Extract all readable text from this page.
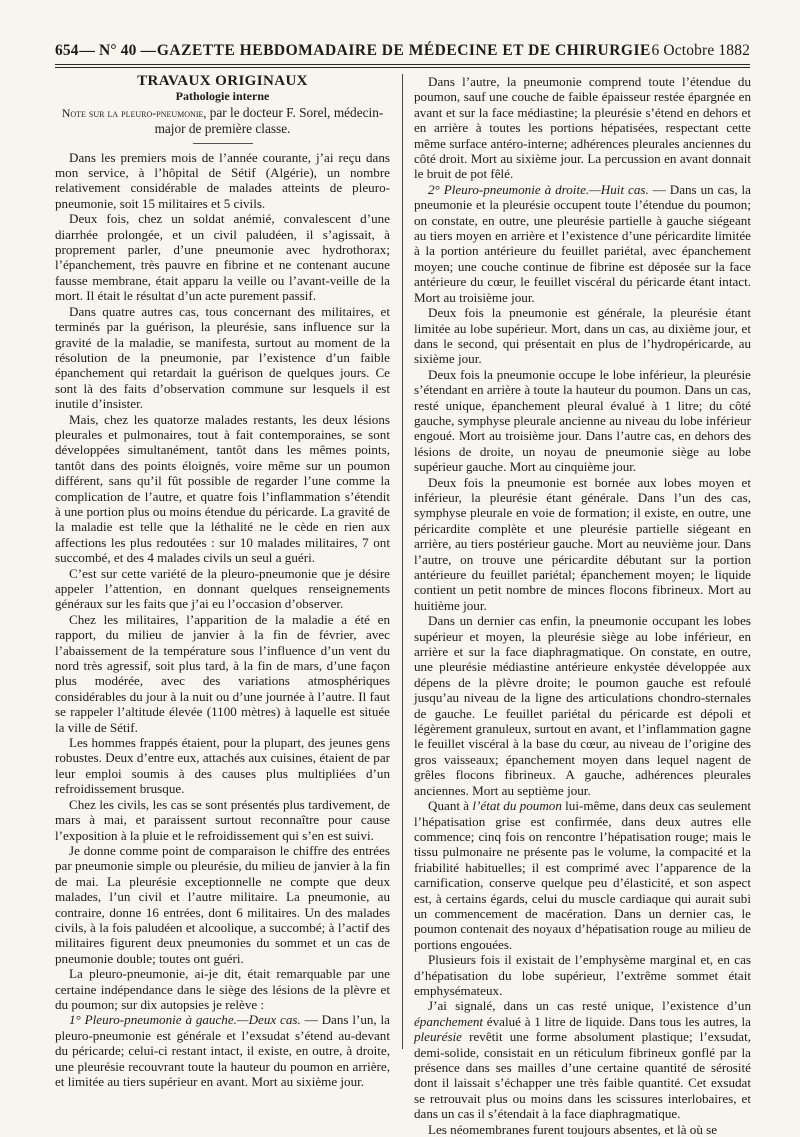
654 — N° 40 — GAZETTE HEBDOMADAIRE DE MÉDECINE ET DE CHIRURGIE 6 Octobre 1882

TRAVAUX ORIGINAUX

Pathologie interne

Note sur la pleuro-pneumonie, par le docteur F. Sorel, médecin-major de première classe.

Dans les premiers mois de l’année courante, j’ai reçu dans mon service, à l’hôpital de Sétif (Algérie), un nombre relativement considérable de malades atteints de pleuro-pneumonie, soit 15 militaires et 5 civils.

Deux fois, chez un soldat anémié, convalescent d’une diarrhée prolongée, et un civil paludéen, il s’agissait, à proprement parler, d’une pneumonie avec hydrothorax; l’épanchement, très pauvre en fibrine et ne contenant aucune fausse membrane, était apparu la veille ou l’avant-veille de la mort. Il était le résultat d’un acte purement passif.

Dans quatre autres cas, tous concernant des militaires, et terminés par la guérison, la pleurésie, sans influence sur la gravité de la maladie, se manifesta, surtout au moment de la résolution de la pneumonie, par l’existence d’un faible épanchement qui retardait la guérison de quelques jours. Ce sont là des faits d’observation commune sur lesquels il est inutile d’insister.

Mais, chez les quatorze malades restants, les deux lésions pleurales et pulmonaires, tout à fait contemporaines, se sont développées simultanément, tantôt dans les mêmes points, tantôt dans des points éloignés, voire même sur un poumon différent, sans qu’il fût possible de regarder l’une comme la complication de l’autre, et quatre fois l’inflammation s’étendit à une portion plus ou moins étendue du péricarde. La gravité de la maladie est telle que la léthalité ne le cède en rien aux affections les plus redoutées : sur 10 malades militaires, 7 ont succombé, et des 4 malades civils un seul a guéri.

C’est sur cette variété de la pleuro-pneumonie que je désire appeler l’attention, en donnant quelques renseignements généraux sur les faits que j’ai eu l’occasion d’observer.

Chez les militaires, l’apparition de la maladie a été en rapport, du milieu de janvier à la fin de février, avec l’abaissement de la température sous l’influence d’un vent du nord très agressif, soit plus tard, à la fin de mars, d’une façon plus modérée, avec des variations atmosphériques considérables du jour à la nuit ou d’une journée à l’autre. Il faut se rappeler l’altitude élevée (1100 mètres) à laquelle est située la ville de Sétif.

Les hommes frappés étaient, pour la plupart, des jeunes gens robustes. Deux d’entre eux, attachés aux cuisines, étaient de par leur emploi soumis à des causes plus multipliées d’un refroidissement brusque.

Chez les civils, les cas se sont présentés plus tardivement, de mars à mai, et paraissent surtout reconnaître pour cause l’exposition à la pluie et le refroidissement qui s’en est suivi.

Je donne comme point de comparaison le chiffre des entrées par pneumonie simple ou pleurésie, du milieu de janvier à la fin de mai. La pleurésie exceptionnelle ne compte que deux malades, l’un civil et l’autre militaire. La pneumonie, au contraire, donne 16 entrées, dont 6 militaires. Un des malades civils, à la fois paludéen et alcoolique, a succombé; à l’actif des militaires figurent deux pneumonies du sommet et un cas de pneumonie double; toutes ont guéri.

La pleuro-pneumonie, ai-je dit, était remarquable par une certaine indépendance dans le siège des lésions de la plèvre et du poumon; sur dix autopsies je relève :

1° Pleuro-pneumonie à gauche.—Deux cas. — Dans l’un, la pleuro-pneumonie est générale et l’exsudat s’étend au-devant du péricarde; celui-ci restant intact, il existe, en outre, à droite, une pleurésie recouvrant toute la hauteur du poumon en arrière, et limitée au tiers supérieur en avant. Mort au sixième jour.

Dans l’autre, la pneumonie comprend toute l’étendue du poumon, sauf une couche de faible épaisseur restée épargnée en avant et sur la face médiastine; la pleurésie s’étend en dehors et en arrière à toutes les portions hépatisées, respectant cette même surface antéro-interne; adhérences pleurales anciennes du côté droit. Mort au sixième jour. La percussion en avant donnait le bruit de pot fêlé.

2° Pleuro-pneumonie à droite.—Huit cas. — Dans un cas, la pneumonie et la pleurésie occupent toute l’étendue du poumon; on constate, en outre, une pleurésie partielle à gauche siégeant au tiers moyen en arrière et l’existence d’une péricardite limitée à la portion antérieure du feuillet pariétal, avec épanchement moyen; une couche continue de fibrine est déposée sur la face antérieure du cœur, le feuillet viscéral du péricarde étant intact. Mort au troisième jour.

Deux fois la pneumonie est générale, la pleurésie étant limitée au lobe supérieur. Mort, dans un cas, au dixième jour, et dans le second, qui présentait en plus de l’hydropéricarde, au sixième jour.

Deux fois la pneumonie occupe le lobe inférieur, la pleurésie s’étendant en arrière à toute la hauteur du poumon. Dans un cas, resté unique, épanchement pleural évalué à 1 litre; du côté gauche, symphyse pleurale ancienne au niveau du lobe inférieur engoué. Mort au troisième jour. Dans l’autre cas, en dehors des lésions de droite, un noyau de pneumonie siège au lobe supérieur gauche. Mort au cinquième jour.

Deux fois la pneumonie est bornée aux lobes moyen et inférieur, la pleurésie étant générale. Dans l’un des cas, symphyse pleurale en voie de formation; il existe, en outre, une péricardite complète et une pleurésie partielle siégeant en arrière, au tiers postérieur gauche. Mort au neuvième jour. Dans l’autre, on trouve une péricardite débutant sur la portion antérieure du feuillet pariétal; épanchement moyen; le liquide contient un petit nombre de minces flocons fibrineux. Mort au huitième jour.

Dans un dernier cas enfin, la pneumonie occupant les lobes supérieur et moyen, la pleurésie siège au lobe inférieur, en arrière et sur la face diaphragmatique. On constate, en outre, une pleurésie médiastine antérieure enkystée développée aux dépens de la plèvre droite; le poumon gauche est refoulé jusqu’au niveau de la ligne des articulations chondro-sternales de gauche. Le feuillet pariétal du péricarde est dépoli et légèrement granuleux, surtout en avant, et l’inflammation gagne le feuillet viscéral à la base du cœur, au niveau de l’origine des gros vaisseaux; épanchement moyen dans lequel nagent de grêles flocons fibrineux. A gauche, adhérences pleurales anciennes. Mort au septième jour.

Quant à l’état du poumon lui-même, dans deux cas seulement l’hépatisation grise est confirmée, dans deux autres elle commence; cinq fois on rencontre l’hépatisation rouge; mais le tissu pulmonaire ne présente pas le volume, la compacité et la friabilité habituelles; il est comprimé avec l’apparence de la carnification, conserve quelque peu d’élasticité, et son aspect est, à certains égards, celui du muscle cardiaque qui aurait subi un commencement de macération. Dans un dernier cas, le poumon contenait des noyaux d’hépatisation rouge au milieu de portions engouées.

Plusieurs fois il existait de l’emphysème marginal et, en cas d’hépatisation du lobe supérieur, l’extrême sommet était emphysémateux.

J’ai signalé, dans un cas resté unique, l’existence d’un épanchement évalué à 1 litre de liquide. Dans tous les autres, la pleurésie revêtit une forme absolument plastique; l’exsudat, demi-solide, consistait en un réticulum fibrineux gonflé par la présence dans ses mailles d’une certaine quantité de sérosité dont il laissait s’échapper une très faible quantité. Cet exsudat se retrouvait plus ou moins dans les scissures interlobaires, et dans un cas il s’étendait à la face diaphragmatique.

Les néomembranes furent toujours absentes, et là où se
